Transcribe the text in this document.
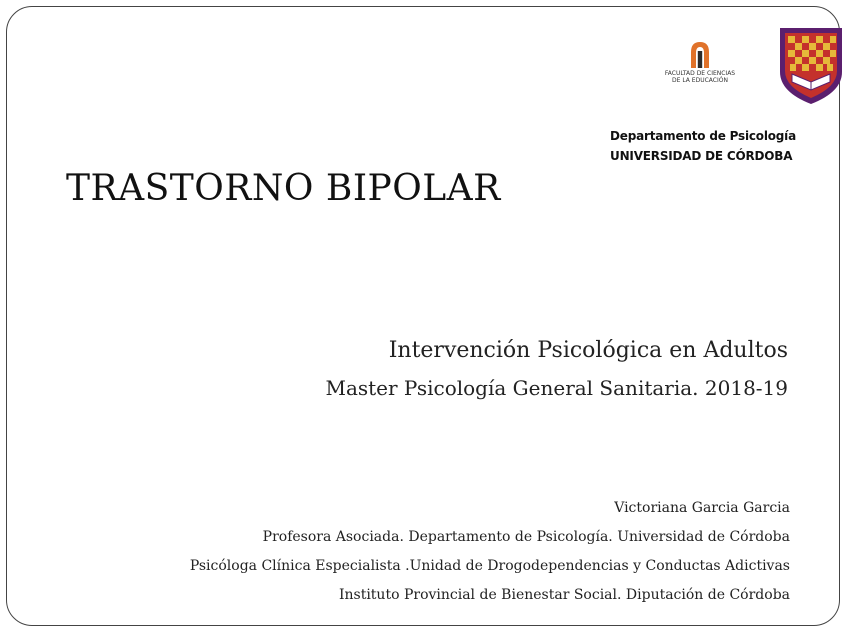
FACULTAD DE CIENCIAS
DE LA EDUCACIÓN
Departamento de Psicología
UNIVERSIDAD DE CÓRDOBA
TRASTORNO BIPOLAR
Intervención Psicológica en Adultos
Master Psicología General Sanitaria. 2018-19
Victoriana Garcia Garcia
Profesora Asociada. Departamento de Psicología. Universidad de Córdoba
Psicóloga Clínica Especialista .Unidad de Drogodependencias y Conductas Adictivas
Instituto Provincial de Bienestar Social. Diputación de Córdoba
